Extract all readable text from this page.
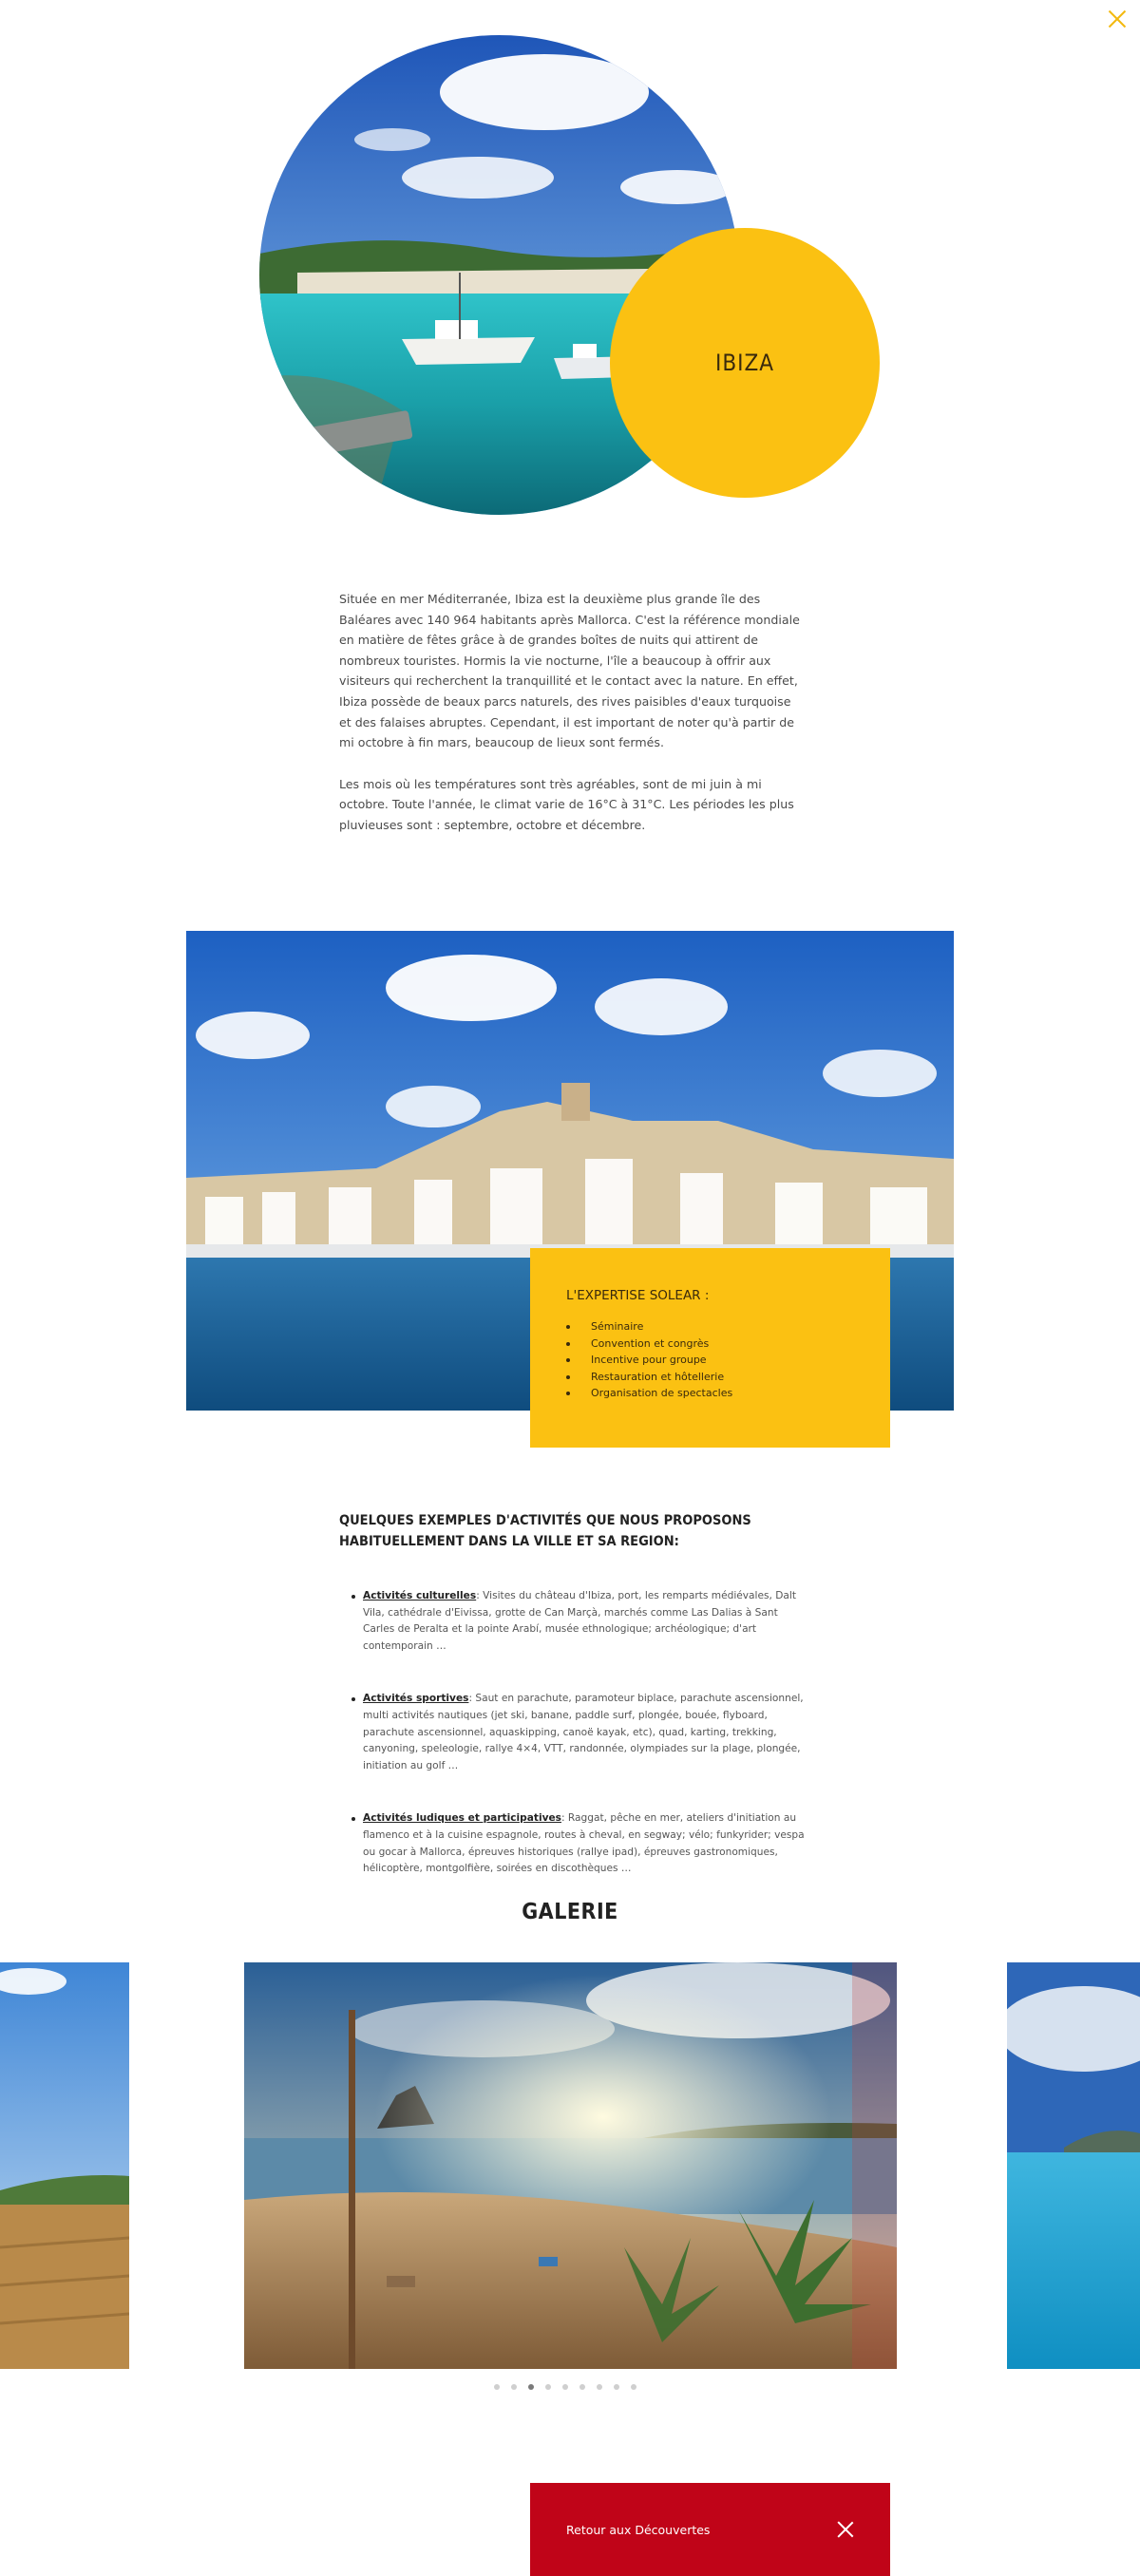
IBIZA

Située en mer Méditerranée, Ibiza est la deuxième plus grande île des Baléares avec 140 964 habitants après Mallorca. C'est la référence mondiale en matière de fêtes grâce à de grandes boîtes de nuits qui attirent de nombreux touristes. Hormis la vie nocturne, l'île a beaucoup à offrir aux visiteurs qui recherchent la tranquillité et le contact avec la nature. En effet, Ibiza possède de beaux parcs naturels, des rives paisibles d'eaux turquoise et des falaises abruptes. Cependant, il est important de noter qu'à partir de mi octobre à fin mars, beaucoup de lieux sont fermés.

Les mois où les températures sont très agréables, sont de mi juin à mi octobre. Toute l'année, le climat varie de 16°C à 31°C. Les périodes les plus pluvieuses sont : septembre, octobre et décembre.

L'EXPERTISE SOLEAR :
Séminaire
Convention et congrès
Incentive pour groupe
Restauration et hôtellerie
Organisation de spectacles
QUELQUES EXEMPLES D'ACTIVITÉS QUE NOUS PROPOSONS HABITUELLEMENT DANS LA VILLE ET SA REGION:
Activités culturelles: Visites du château d'Ibiza, port, les remparts médiévales, Dalt Vila, cathédrale d'Eivissa, grotte de Can Marçà, marchés comme Las Dalias à Sant Carles de Peralta et la pointe Arabí, musée ethnologique; archéologique; d'art contemporain …
Activités sportives: Saut en parachute, paramoteur biplace, parachute ascensionnel, multi activités nautiques (jet ski, banane, paddle surf, plongée, bouée, flyboard, parachute ascensionnel, aquaskipping, canoë kayak, etc), quad, karting, trekking, canyoning, speleologie, rallye 4×4, VTT, randonnée, olympiades sur la plage, plongée, initiation au golf …
Activités ludiques et participatives: Raggat, pêche en mer, ateliers d'initiation au flamenco et à la cuisine espagnole, routes à cheval, en segway; vélo; funkyrider; vespa ou gocar à Mallorca, épreuves historiques (rallye ipad), épreuves gastronomiques, hélicoptère, montgolfière, soirées en discothèques …
GALERIE
Retour aux Découvertes
